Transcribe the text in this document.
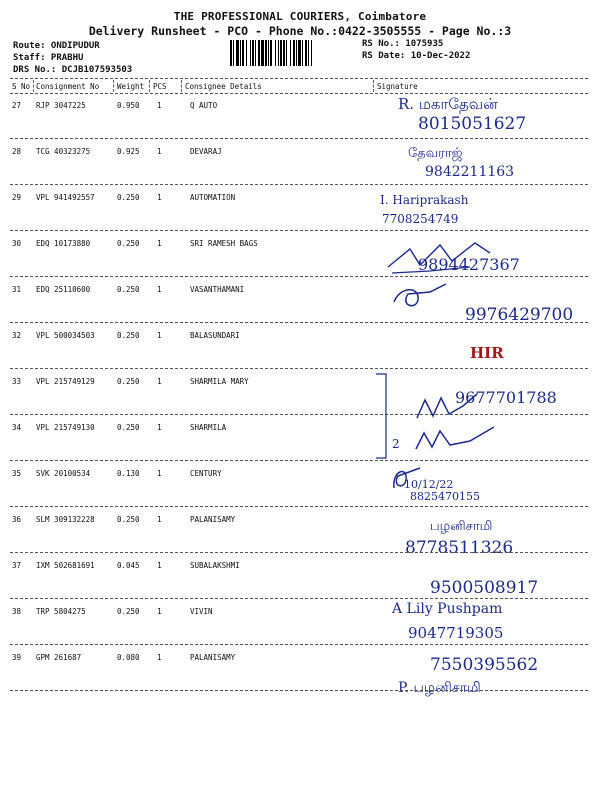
THE PROFESSIONAL COURIERS, Coimbatore
Delivery Runsheet - PCO - Phone No.:0422-3505555 - Page No.:3
Route: ONDIPUDUR
Staff: PRABHU
DRS No.: DCJB107593503
RS No.: 1075935
RS Date: 10-Dec-2022
S No Consignment No Weight PCS Consignee Details	Signature
27 RJP 3047225	0.950 1	Q AUTO	R. மகாதேவன்
8015051627
28 TCG 40323275	0.925 1	DEVARAJ	தேவராஜ்
9842211163
29 VPL 941492557	0.250 1	AUTOMATION	I. Hariprakash
7708254749
30 EDQ 10173880	0.250 1	SRI RAMESH BAGS
9894427367
31 EDQ 25110600	0.250 1	VASANTHAMANI
9976429700
32 VPL 500034503	0.250 1	BALASUNDARI
HIR
33 VPL 215749129	0.250 1	SHARMILA MARY
9677701788
34 VPL 215749130	0.250 1	SHARMILA
2
35 SVK 20100534	0.130 1	CENTURY
10/12/22
8825470155
36 SLM 309132228	0.250 1	PALANISAMY	பழனிசாமி
8778511326
37 IXM 502681691	0.045 1	SUBALAKSHMI
9500508917
38 TRP 5804275	0.250 1	VIVIN	A Lily Pushpam
9047719305
39 GPM 261687	0.080 1	PALANISAMY	7550395562
P. பழனிசாமி
